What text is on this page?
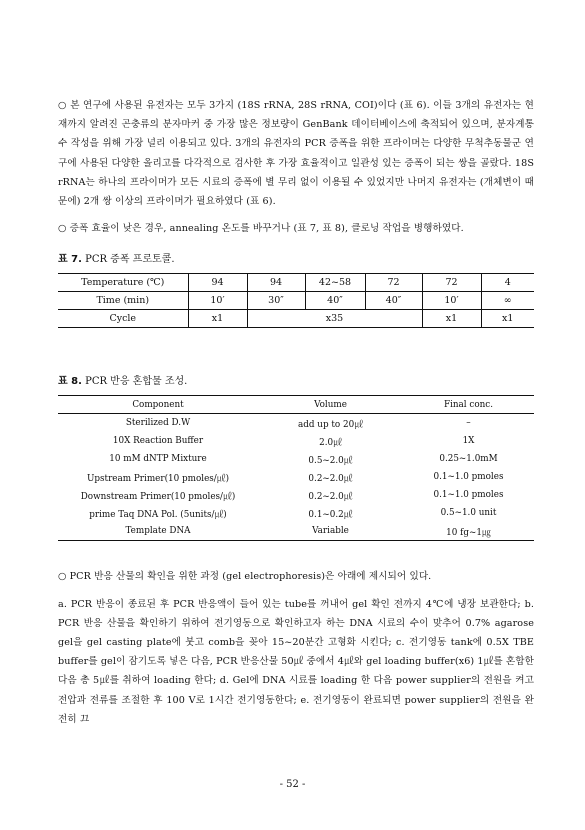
○ 본 연구에 사용된 유전자는 모두 3가지 (18S rRNA, 28S rRNA, COI)이다 (표 6). 이들 3개의 유전자는 현재까지 알려진 곤충류의 분자마커 중 가장 많은 정보량이 GenBank 데이터베이스에 축적되어 있으며, 분자계통수 작성을 위해 가장 널리 이용되고 있다. 3개의 유전자의 PCR 증폭을 위한 프라이머는 다양한 무척추동물군 연구에 사용된 다양한 올리고를 다각적으로 검사한 후 가장 효율적이고 일관성 있는 증폭이 되는 쌍을 골랐다. 18S rRNA는 하나의 프라이머가 모든 시료의 증폭에 별 무리 없이 이용될 수 있었지만 나머지 유전자는 (개체변이 때문에) 2개 쌍 이상의 프라이머가 필요하였다 (표 6).

○ 증폭 효율이 낮은 경우, annealing 온도를 바꾸거나 (표 7, 표 8), 클로닝 작업을 병행하였다.

표 7. PCR 증폭 프로토콜.
Temperature (℃)	94	94	42~58	72	72	4
Time (min)	10′	30″	40″	40″	10′	∞
Cycle	x1	x35			x1	x1
표 8. PCR 반응 혼합물 조성.
Component	Volume	Final conc.
Sterilized D.W	add up to 20㎕	–
10X Reaction Buffer	2.0㎕	1X
10 mM dNTP Mixture	0.5~2.0㎕	0.25~1.0mM
Upstream Primer(10 pmoles/㎕)	0.2~2.0㎕	0.1~1.0 pmoles
Downstream Primer(10 pmoles/㎕)	0.2~2.0㎕	0.1~1.0 pmoles
prime Taq DNA Pol. (5units/㎕)	0.1~0.2㎕	0.5~1.0 unit
Template DNA	Variable	10 fg~1㎍

○ PCR 반응 산물의 확인을 위한 과정 (gel electrophoresis)은 아래에 제시되어 있다.

a. PCR 반응이 종료된 후 PCR 반응액이 들어 있는 tube를 꺼내어 gel 확인 전까지 4℃에 냉장 보관한다; b. PCR 반응 산물을 확인하기 위하여 전기영동으로 확인하고자 하는 DNA 시료의 수이 맞추어 0.7% agarose gel을 gel casting plate에 붓고 comb을 꽂아 15~20분간 고형화 시킨다; c. 전기영동 tank에 0.5X TBE buffer를 gel이 잠기도록 넣은 다음, PCR 반응산물 50㎕ 중에서 4㎕와 gel loading buffer(x6) 1㎕를 혼합한 다음 총 5㎕를 취하여 loading 한다; d. Gel에 DNA 시료를 loading 한 다음 power supplier의 전원을 켜고 전압과 전류를 조절한 후 100 V로 1시간 전기영동한다; e. 전기영동이 완료되면 power supplier의 전원을 완전히 끄

- 52 -
